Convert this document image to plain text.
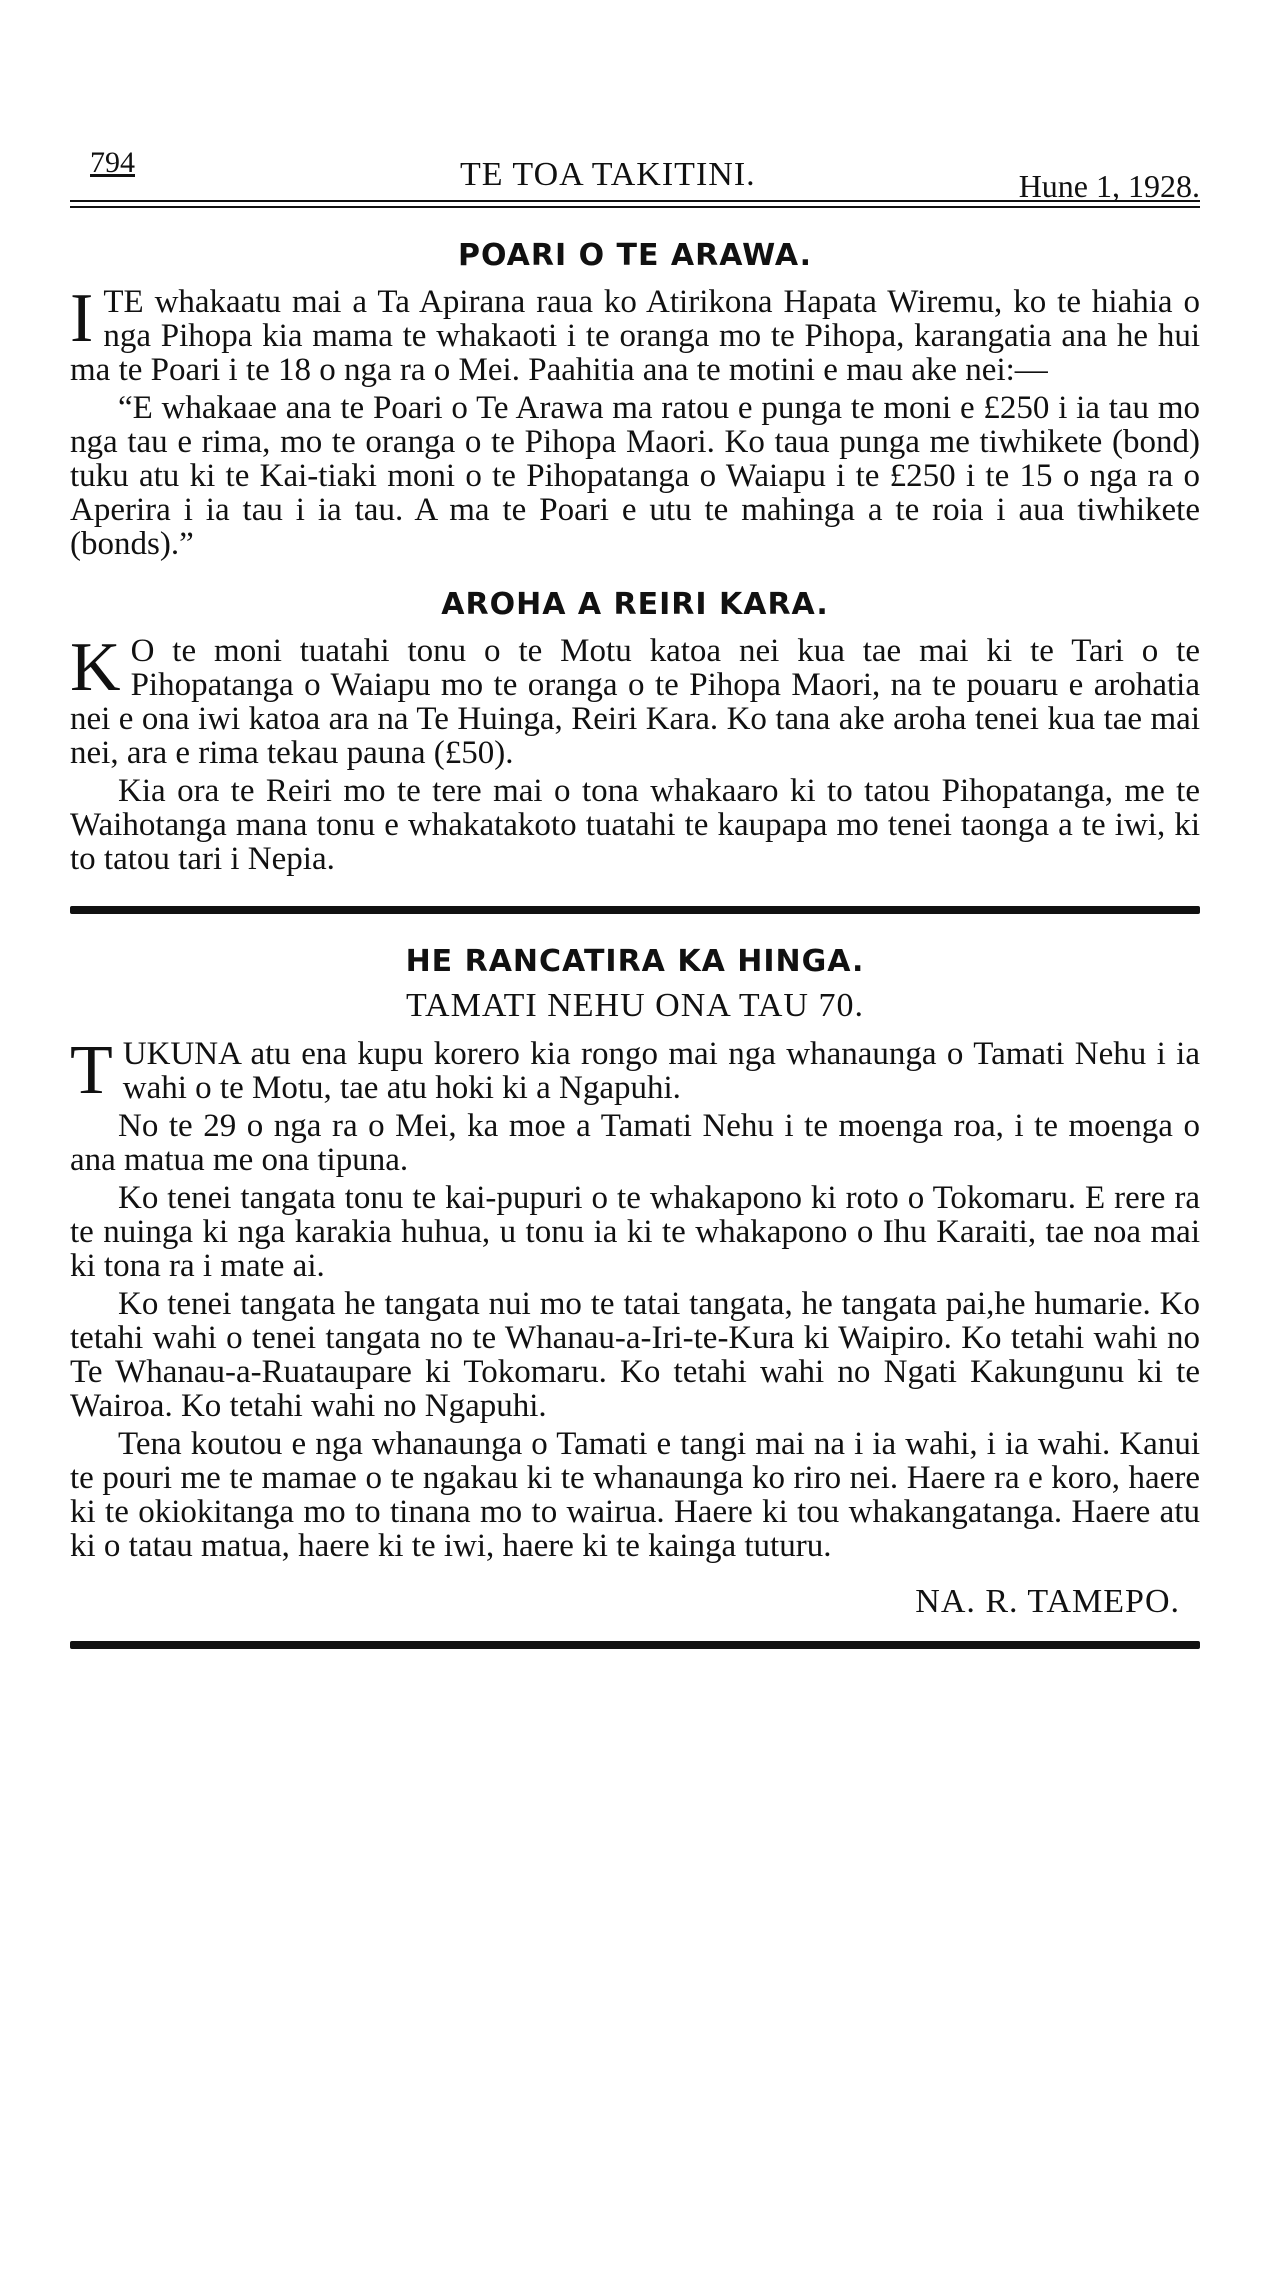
794	TE TOA TAKITINI.	Hune 1, 1928.
POARI O TE ARAWA.

ITE whakaatu mai a Ta Apirana raua ko Atirikona Hapata Wiremu, ko te hiahia o nga Pihopa kia mama te whakaoti i te oranga mo te Pihopa, karangatia ana he hui ma te Poari i te 18 o nga ra o Mei. Paahitia ana te motini e mau ake nei:—

“E whakaae ana te Poari o Te Arawa ma ratou e punga te moni e £250 i ia tau mo nga tau e rima, mo te oranga o te Pihopa Maori. Ko taua punga me tiwhikete (bond) tuku atu ki te Kai-tiaki moni o te Pihopatanga o Waiapu i te £250 i te 15 o nga ra o Aperira i ia tau i ia tau. A ma te Poari e utu te mahinga a te roia i aua tiwhikete (bonds).”

AROHA A REIRI KARA.

K O te moni tuatahi tonu o te Motu katoa nei kua tae mai ki te Tari o te Pihopatanga o Waiapu mo te oranga o te Pihopa Maori, na te pouaru e arohatia nei e ona iwi katoa ara na Te Huinga, Reiri Kara. Ko tana ake aroha tenei kua tae mai nei, ara e rima tekau pauna (£50).

Kia ora te Reiri mo te tere mai o tona whakaaro ki to tatou Pihopatanga, me te Waihotanga mana tonu e whakatakoto tuatahi te kaupapa mo tenei taonga a te iwi, ki to tatou tari i Nepia.

HE RANCATIRA KA HINGA.
TAMATI NEHU ONA TAU 70.

TUKUNA atu ena kupu korero kia rongo mai nga whanaunga o Tamati Nehu i ia wahi o te Motu, tae atu hoki ki a Ngapuhi.

No te 29 o nga ra o Mei, ka moe a Tamati Nehu i te moenga roa, i te moenga o ana matua me ona tipuna.

Ko tenei tangata tonu te kai-pupuri o te whakapono ki roto o Tokomaru. E rere ra te nuinga ki nga karakia huhua, u tonu ia ki te whakapono o Ihu Karaiti, tae noa mai ki tona ra i mate ai.

Ko tenei tangata he tangata nui mo te tatai tangata, he tangata pai,he humarie. Ko tetahi wahi o tenei tangata no te Whanau-a-Iri-te-Kura ki Waipiro. Ko tetahi wahi no Te Whanau-a-Ruataupare ki Tokomaru. Ko tetahi wahi no Ngati Kakungunu ki te Wairoa. Ko tetahi wahi no Ngapuhi.

Tena koutou e nga whanaunga o Tamati e tangi mai na i ia wahi, i ia wahi. Kanui te pouri me te mamae o te ngakau ki te whanaunga ko riro nei. Haere ra e koro, haere ki te okiokitanga mo to tinana mo to wairua. Haere ki tou whakangatanga. Haere atu ki o tatau matua, haere ki te iwi, haere ki te kainga tuturu.

NA. R. TAMEPO.
